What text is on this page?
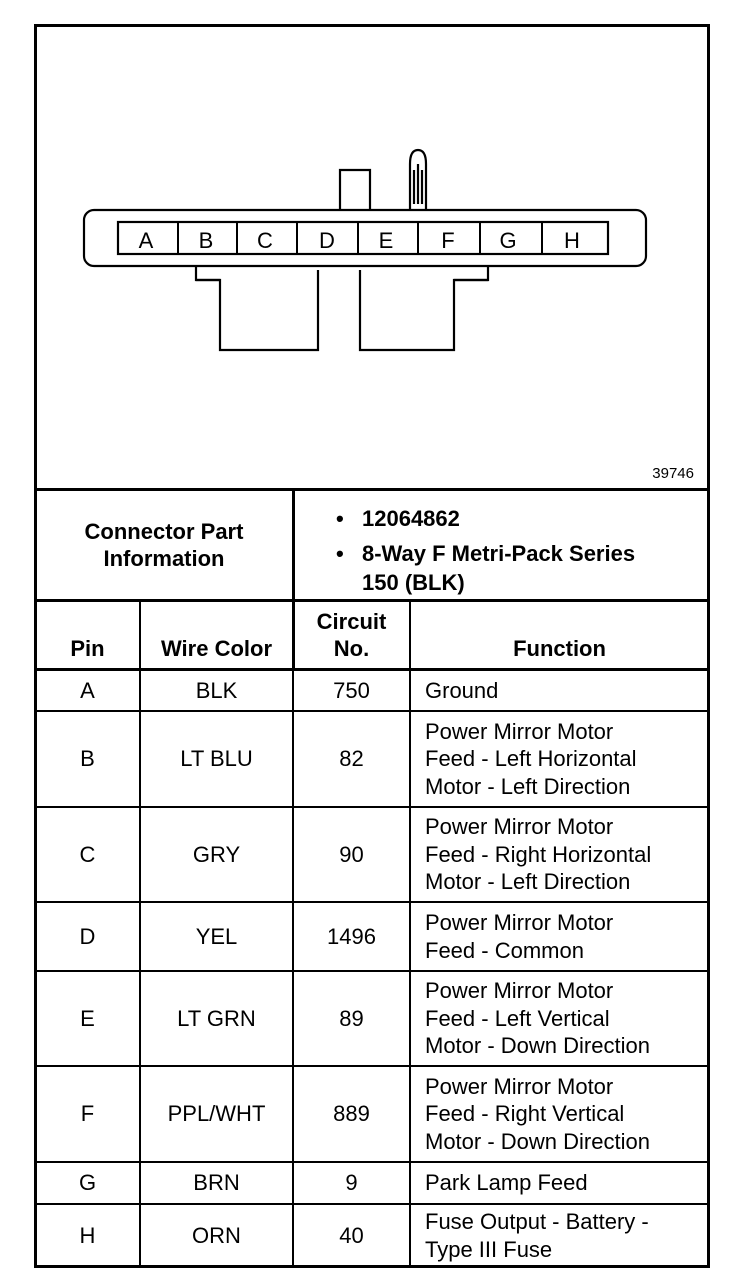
A B C D E F G H
39746
Connector Part
Information
• 12064862
• 8-Way F Metri-Pack Series
150 (BLK)
Pin	Wire Color
Circuit
No.	Function
A	BLK	750	Ground
B	LT BLU	82
Power Mirror Motor
Feed - Left Horizontal
Motor - Left Direction
C	GRY	90
Power Mirror Motor
Feed - Right Horizontal
Motor - Left Direction
D	YEL	1496
Power Mirror Motor
Feed - Common
E	LT GRN	89
Power Mirror Motor
Feed - Left Vertical
Motor - Down Direction
F	PPL/WHT	889
Power Mirror Motor
Feed - Right Vertical
Motor - Down Direction
G	BRN	9	Park Lamp Feed
H	ORN	40
Fuse Output - Battery -
Type III Fuse
